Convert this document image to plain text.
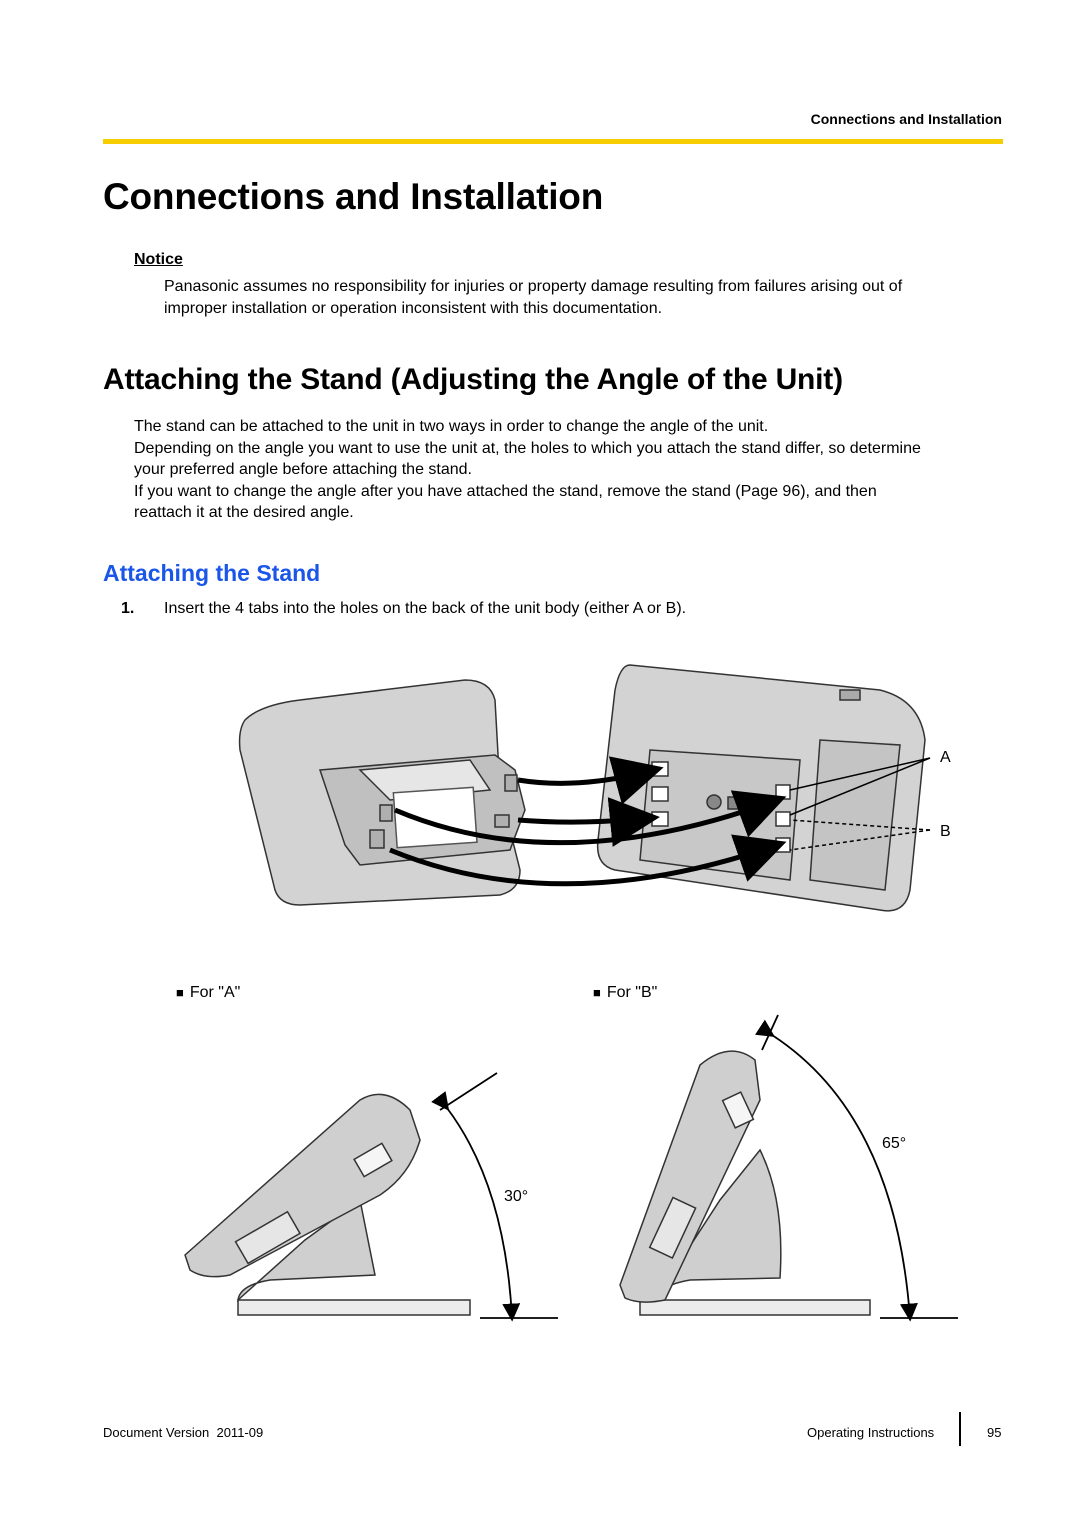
Connections and Installation
Connections and Installation
Notice
Panasonic assumes no responsibility for injuries or property damage resulting from failures arising out of
improper installation or operation inconsistent with this documentation.
Attaching the Stand (Adjusting the Angle of the Unit)
The stand can be attached to the unit in two ways in order to change the angle of the unit.
Depending on the angle you want to use the unit at, the holes to which you attach the stand differ, so determine
your preferred angle before attaching the stand.
If you want to change the angle after you have attached the stand, remove the stand (Page 96), and then
reattach it at the desired angle.
Attaching the Stand
1. Insert the 4 tabs into the holes on the back of the unit body (either A or B).
A
B
■ For "A"	■ For "B"
30°
65°
Document Version 2011-09	Operating Instructions	95
